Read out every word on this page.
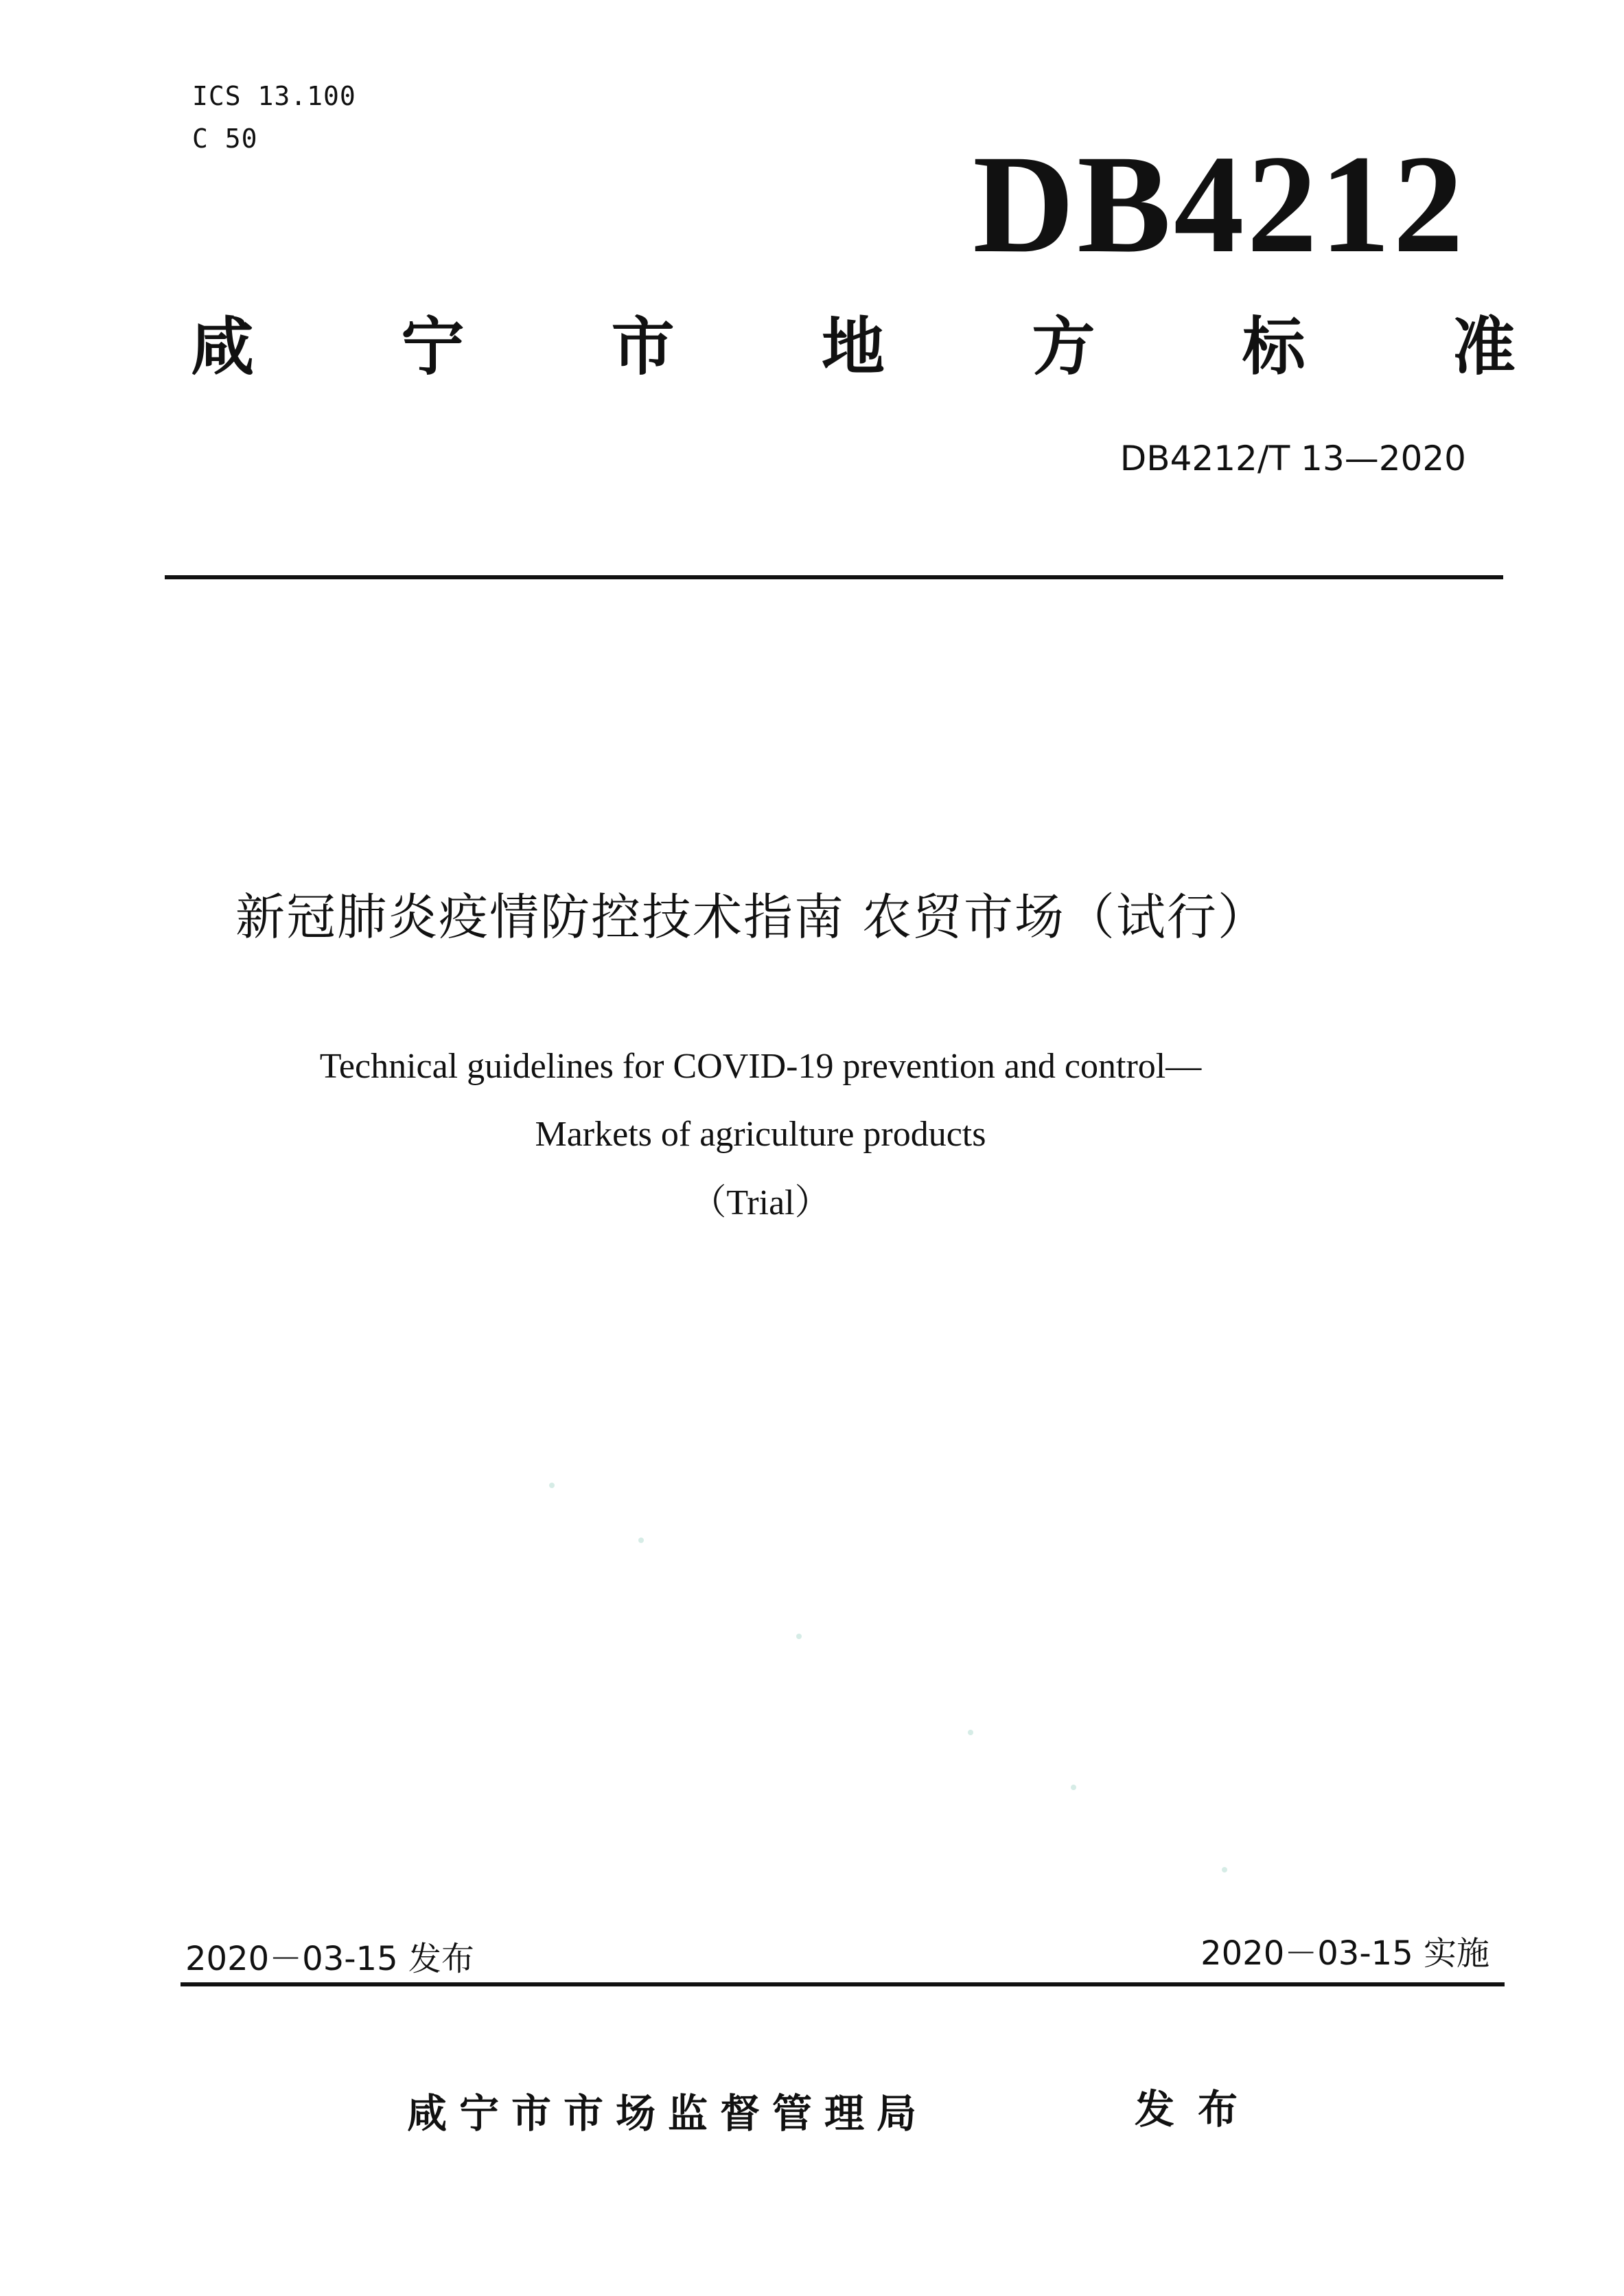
ICS 13.100
C 50	DB4212
咸 宁 市 地 方 标 准
DB4212/T 13—2020
新冠肺炎疫情防控技术指南 农贸市场（试行）
Technical guidelines for COVID-19 prevention and control—
Markets of agriculture products
（Trial）
2020－03-15 发布	2020－03-15 实施
咸宁市市场监督管理局	发布
